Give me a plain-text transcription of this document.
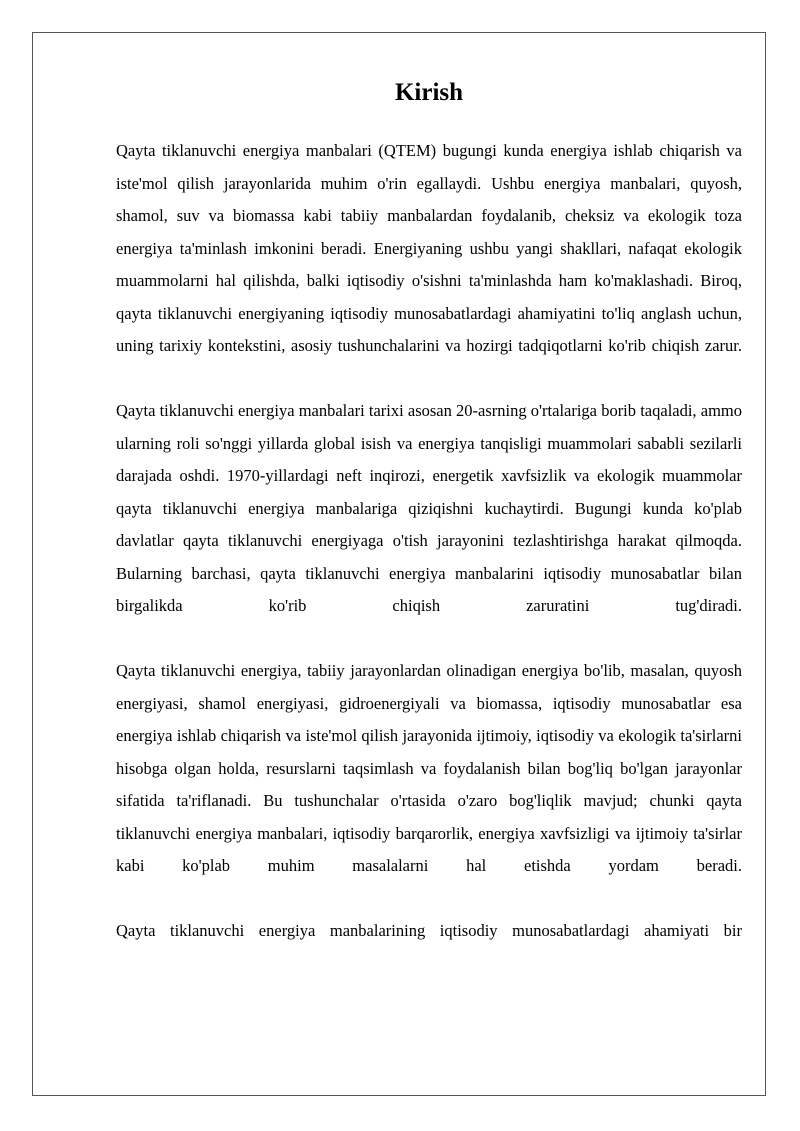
Kirish

Qayta tiklanuvchi energiya manbalari (QTEM) bugungi kunda energiya ishlab chiqarish va iste'mol qilish jarayonlarida muhim o'rin egallaydi. Ushbu energiya manbalari, quyosh, shamol, suv va biomassa kabi tabiiy manbalardan foydalanib, cheksiz va ekologik toza energiya ta'minlash imkonini beradi. Energiyaning ushbu yangi shakllari, nafaqat ekologik muammolarni hal qilishda, balki iqtisodiy o'sishni ta'minlashda ham ko'maklashadi. Biroq, qayta tiklanuvchi energiyaning iqtisodiy munosabatlardagi ahamiyatini to'liq anglash uchun, uning tarixiy kontekstini, asosiy tushunchalarini va hozirgi tadqiqotlarni ko'rib chiqish zarur.

Qayta tiklanuvchi energiya manbalari tarixi asosan 20-asrning o'rtalariga borib taqaladi, ammo ularning roli so'nggi yillarda global isish va energiya tanqisligi muammolari sababli sezilarli darajada oshdi. 1970-yillardagi neft inqirozi, energetik xavfsizlik va ekologik muammolar qayta tiklanuvchi energiya manbalariga qiziqishni kuchaytirdi. Bugungi kunda ko'plab davlatlar qayta tiklanuvchi energiyaga o'tish jarayonini tezlashtirishga harakat qilmoqda. Bularning barchasi, qayta tiklanuvchi energiya manbalarini iqtisodiy munosabatlar bilan birgalikda ko'rib chiqish zaruratini tug'diradi.

Qayta tiklanuvchi energiya, tabiiy jarayonlardan olinadigan energiya bo'lib, masalan, quyosh energiyasi, shamol energiyasi, gidroenergiyali va biomassa, iqtisodiy munosabatlar esa energiya ishlab chiqarish va iste'mol qilish jarayonida ijtimoiy, iqtisodiy va ekologik ta'sirlarni hisobga olgan holda, resurslarni taqsimlash va foydalanish bilan bog'liq bo'lgan jarayonlar sifatida ta'riflanadi. Bu tushunchalar o'rtasida o'zaro bog'liqlik mavjud; chunki qayta tiklanuvchi energiya manbalari, iqtisodiy barqarorlik, energiya xavfsizligi va ijtimoiy ta'sirlar kabi ko'plab muhim masalalarni hal etishda yordam beradi.

Qayta tiklanuvchi energiya manbalarining iqtisodiy munosabatlardagi ahamiyati bir
